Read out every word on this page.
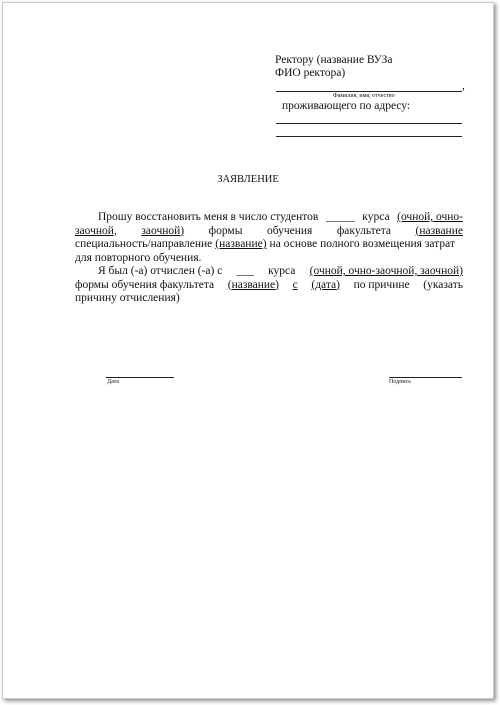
Ректору (название ВУЗа
ФИО ректора)
,
Фамилия, имя, отчество
проживающего по адресу:
ЗАЯВЛЕНИЕ
Прошу восстановить меня в число студентов _____ курса (очной, очно-
заочной, заочной) формы обучения факультета (название
специальность/направление (название) на основе полного возмещения затрат
для повторного обучения.
Я был (-а) отчислен (-а) с ___ курса (очной, очно-заочной, заочной)
формы обучения факультета (название) с (дата) по причине (указать
причину отчисления)
Дата	Подпись
